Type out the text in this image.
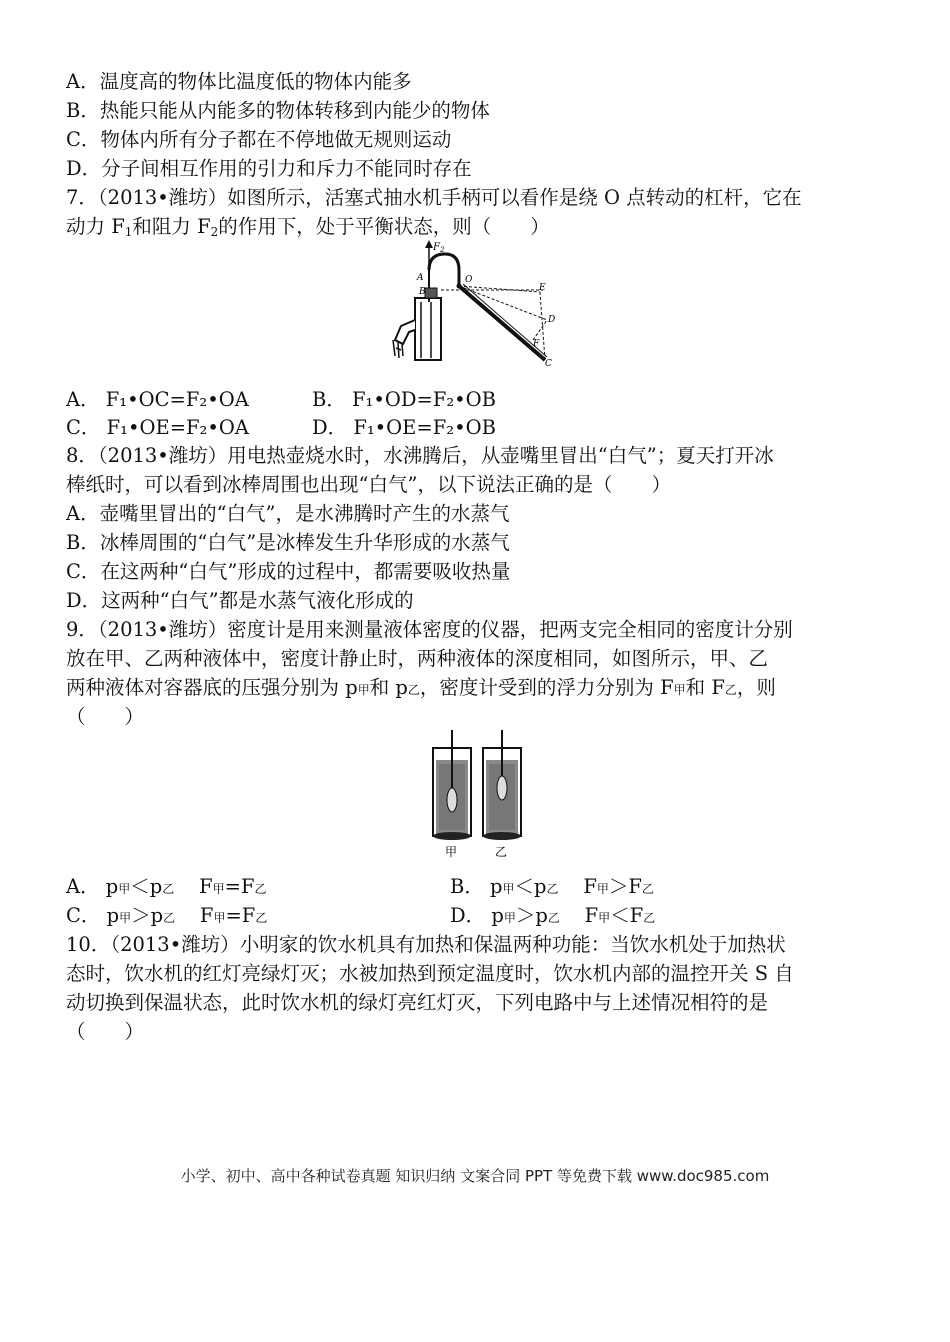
A．温度高的物体比温度低的物体内能多
B．热能只能从内能多的物体转移到内能少的物体
C．物体内所有分子都在不停地做无规则运动
D．分子间相互作用的引力和斥力不能同时存在
7．（2013•潍坊）如图所示，活塞式抽水机手柄可以看作是绕 O 点转动的杠杆，它在
动力 $F_1$和阻力 $F_2$的作用下，处于平衡状态，则（　　）
$F_2$
A
B
O
E
D
F
C
A． F₁•OC=F₂•OA	B． F₁•OD=F₂•OB
C． F₁•OE=F₂•OA	D． F₁•OE=F₂•OB
8．（2013•潍坊）用电热壶烧水时，水沸腾后，从壶嘴里冒出“白气”；夏天打开冰
棒纸时，可以看到冰棒周围也出现“白气”，以下说法正确的是（　　）
A．壶嘴里冒出的“白气”，是水沸腾时产生的水蒸气
B．冰棒周围的“白气”是冰棒发生升华形成的水蒸气
C．在这两种“白气”形成的过程中，都需要吸收热量
D．这两种“白气”都是水蒸气液化形成的
9．（2013•潍坊）密度计是用来测量液体密度的仪器，把两支完全相同的密度计分别
放在甲、乙两种液体中，密度计静止时，两种液体的深度相同，如图所示，甲、乙
两种液体对容器底的压强分别为 p甲和 p乙，密度计受到的浮力分别为 F甲和 F乙，则
（　　）
甲	乙
A． p甲＜p乙    F甲=F乙	B． p甲＜p乙    F甲＞F乙
C． p甲＞p乙    F甲=F乙	D． p甲＞p乙    F甲＜F乙
10．（2013•潍坊）小明家的饮水机具有加热和保温两种功能：当饮水机处于加热状
态时，饮水机的红灯亮绿灯灭；水被加热到预定温度时，饮水机内部的温控开关 S 自
动切换到保温状态，此时饮水机的绿灯亮红灯灭，下列电路中与上述情况相符的是
（　　）
小学、初中、高中各种试卷真题 知识归纳 文案合同 PPT 等免费下载 www.doc985.com
